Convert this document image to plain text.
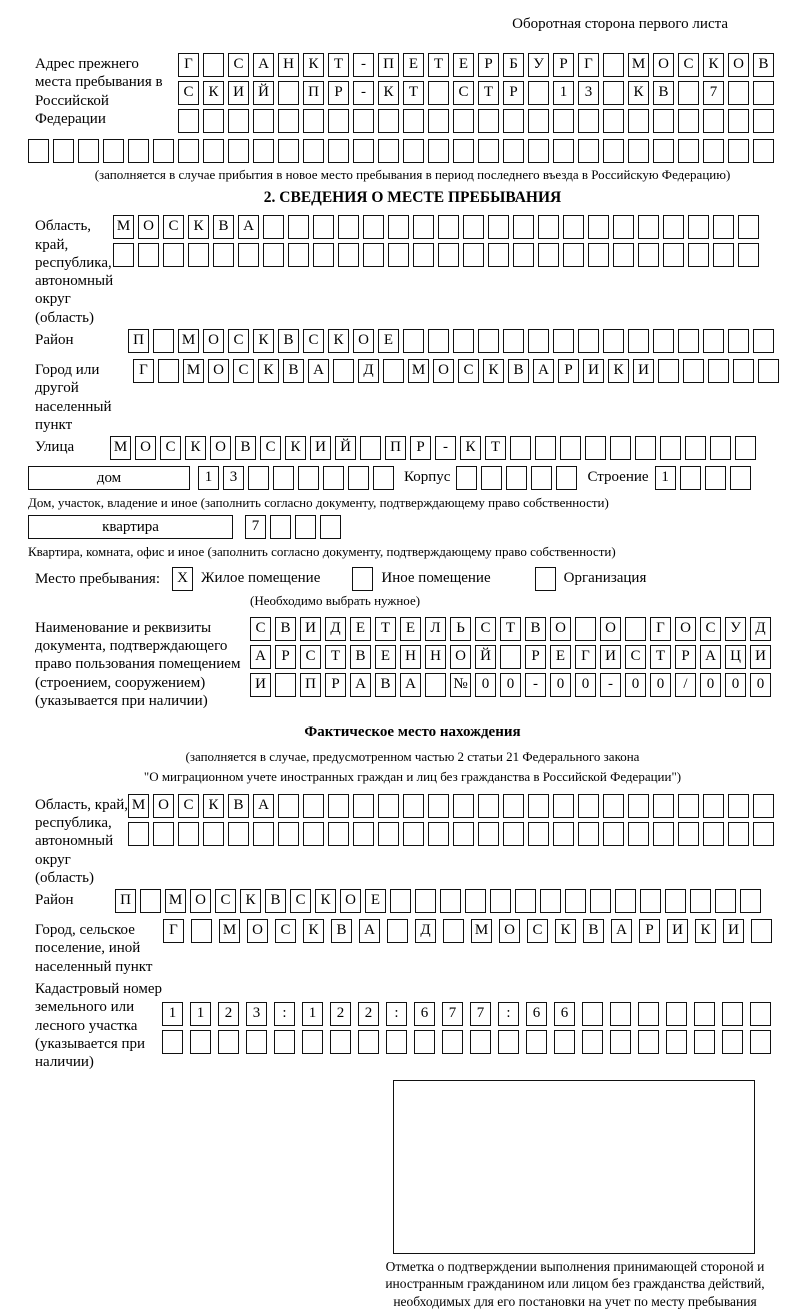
Оборотная сторона первого листа
Адрес прежнего места пребывания в Российской Федерации
Г	С А Н К Т - П Е Т Е Р Б У Р Г	М О С К О В
С К И Й	П Р - К Т	С Т Р	1 3	К В	7
(заполняется в случае прибытия в новое место пребывания в период последнего въезда в Российскую Федерацию)
2. СВЕДЕНИЯ О МЕСТЕ ПРЕБЫВАНИЯ
Область, край, республика, автономный округ (область)
М О С К В А
Район	П	М О С К В С К О Е
Город или другой населенный пункт
Г	М О С К В А	Д	М О С К В А Р И К И
Улица	М О С К О В С К И Й	П Р - К Т
дом	1 3	Корпус	Строение 1
Дом, участок, владение и иное (заполнить согласно документу, подтверждающему право собственности)
квартира	7
Квартира, комната, офис и иное (заполнить согласно документу, подтверждающему право собственности)
Место пребывания:	X Жилое помещение	Иное помещение	Организация
(Необходимо выбрать нужное)
Наименование и реквизиты документа, подтверждающего право пользования помещением (строением, сооружением) (указывается при наличии)
С В И Д Е Т Е Л Ь С Т В О	О	Г О С У Д
А Р С Т В Е Н Н О Й	Р Е Г И С Т Р А Ц И
И	П Р А В А № 0 0 - 0 0 - 0 0 / 0 0 0
Фактическое место нахождения
(заполняется в случае, предусмотренном частью 2 статьи 21 Федерального закона
"О миграционном учете иностранных граждан и лиц без гражданства в Российской Федерации")
Область, край, республика, автономный округ (область)
М О С К В А
Район	П	М О С К В С К О Е
Город, сельское поселение, иной населенный пункт
Г	М О С К В А	Д	М О С К В А Р И К И
Кадастровый номер земельного или лесного участка (указывается при наличии)
1 1 2 3 : 1 2 2 : 6 7 7 : 6 6
Отметка о подтверждении выполнения принимающей стороной и иностранным гражданином или лицом без гражданства действий, необходимых для его постановки на учет по месту пребывания
